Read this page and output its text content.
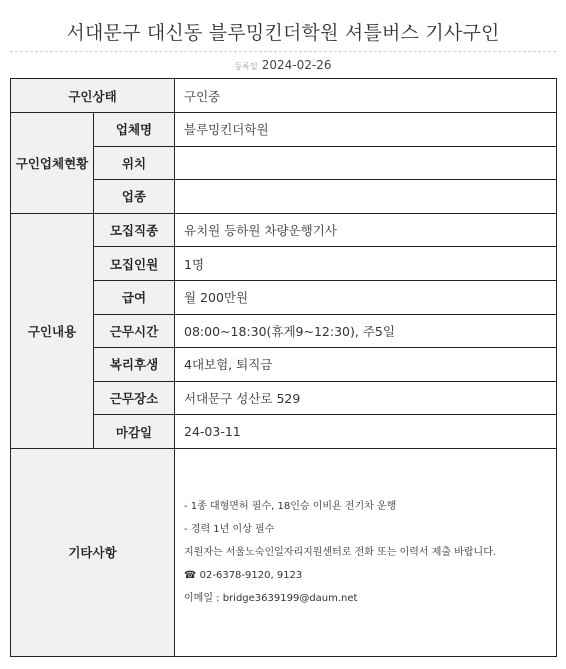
서대문구 대신동 블루밍킨더학원 셔틀버스 기사구인
등록일 2024-02-26
구인상태		구인중
구인업체현황	업체명	블루밍킨더학원
	위치	
	업종	
구인내용	모집직종	유치원 등하원 차량운행기사
	모집인원	1명
	급여	월 200만원
	근무시간	08:00~18:30(휴게9~12:30), 주5일
	복리후생	4대보험, 퇴직금
	근무장소	서대문구 성산로 529
	마감일	24-03-11
기타사항		- 1종 대형면허 필수, 18인승 이비욘 전기차 운행
- 경력 1년 이상 필수
지원자는 서울노숙인일자리지원센터로 전화 또는 이력서 제출 바랍니다.
☎ 02-6378-9120, 9123
이메일 : bridge3639199@daum.net
